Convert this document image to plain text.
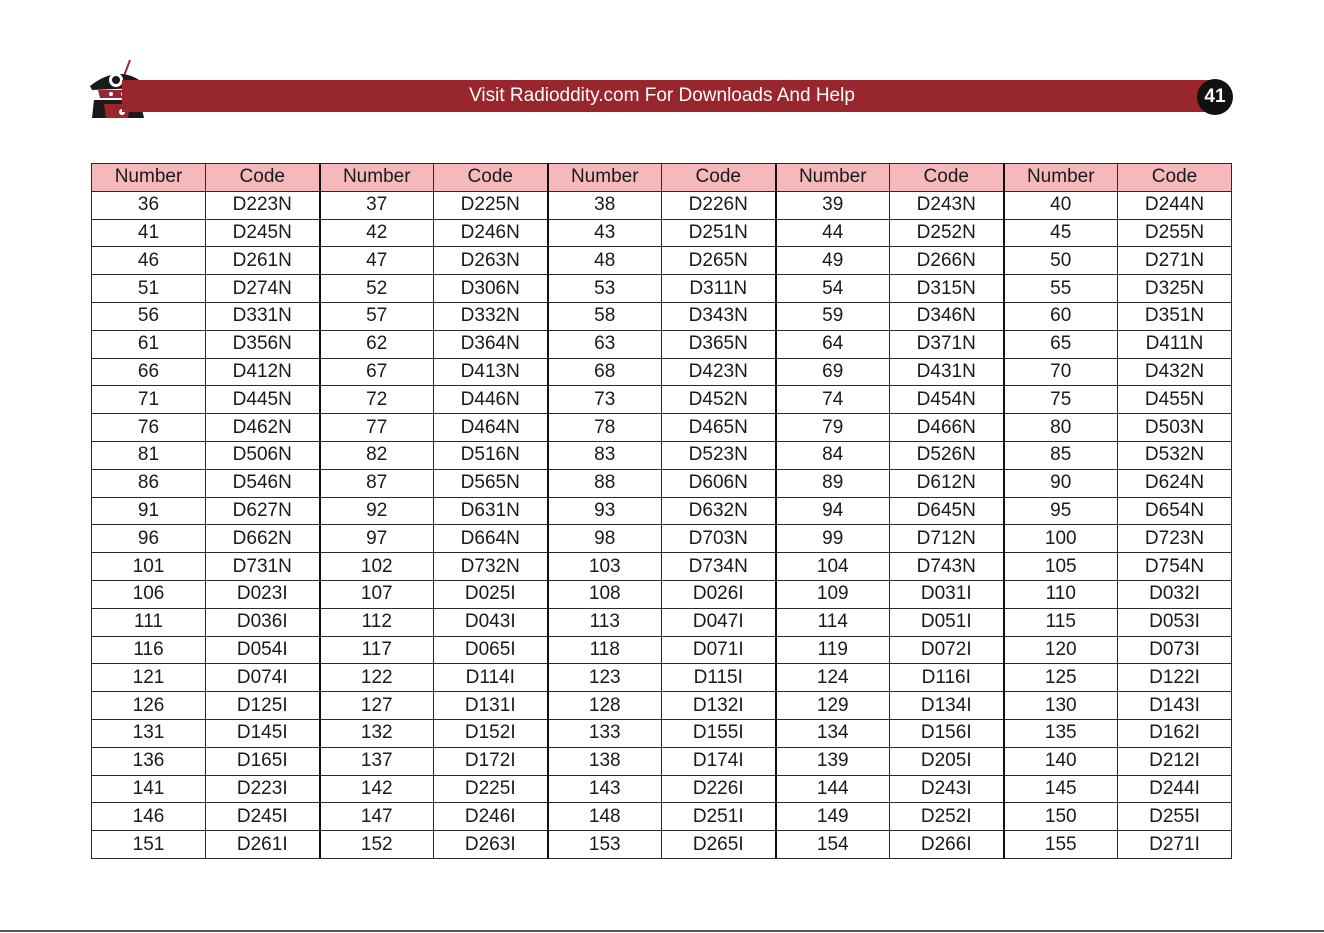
Visit Radioddity.com For Downloads And Help	41
Number	Code	Number	Code	Number	Code	Number	Code	Number	Code
36	D223N	37	D225N	38	D226N	39	D243N	40	D244N
41	D245N	42	D246N	43	D251N	44	D252N	45	D255N
46	D261N	47	D263N	48	D265N	49	D266N	50	D271N
51	D274N	52	D306N	53	D311N	54	D315N	55	D325N
56	D331N	57	D332N	58	D343N	59	D346N	60	D351N
61	D356N	62	D364N	63	D365N	64	D371N	65	D411N
66	D412N	67	D413N	68	D423N	69	D431N	70	D432N
71	D445N	72	D446N	73	D452N	74	D454N	75	D455N
76	D462N	77	D464N	78	D465N	79	D466N	80	D503N
81	D506N	82	D516N	83	D523N	84	D526N	85	D532N
86	D546N	87	D565N	88	D606N	89	D612N	90	D624N
91	D627N	92	D631N	93	D632N	94	D645N	95	D654N
96	D662N	97	D664N	98	D703N	99	D712N	100	D723N
101	D731N	102	D732N	103	D734N	104	D743N	105	D754N
106	D023I	107	D025I	108	D026I	109	D031I	110	D032I
111	D036I	112	D043I	113	D047I	114	D051I	115	D053I
116	D054I	117	D065I	118	D071I	119	D072I	120	D073I
121	D074I	122	D114I	123	D115I	124	D116I	125	D122I
126	D125I	127	D131I	128	D132I	129	D134I	130	D143I
131	D145I	132	D152I	133	D155I	134	D156I	135	D162I
136	D165I	137	D172I	138	D174I	139	D205I	140	D212I
141	D223I	142	D225I	143	D226I	144	D243I	145	D244I
146	D245I	147	D246I	148	D251I	149	D252I	150	D255I
151	D261I	152	D263I	153	D265I	154	D266I	155	D271I
